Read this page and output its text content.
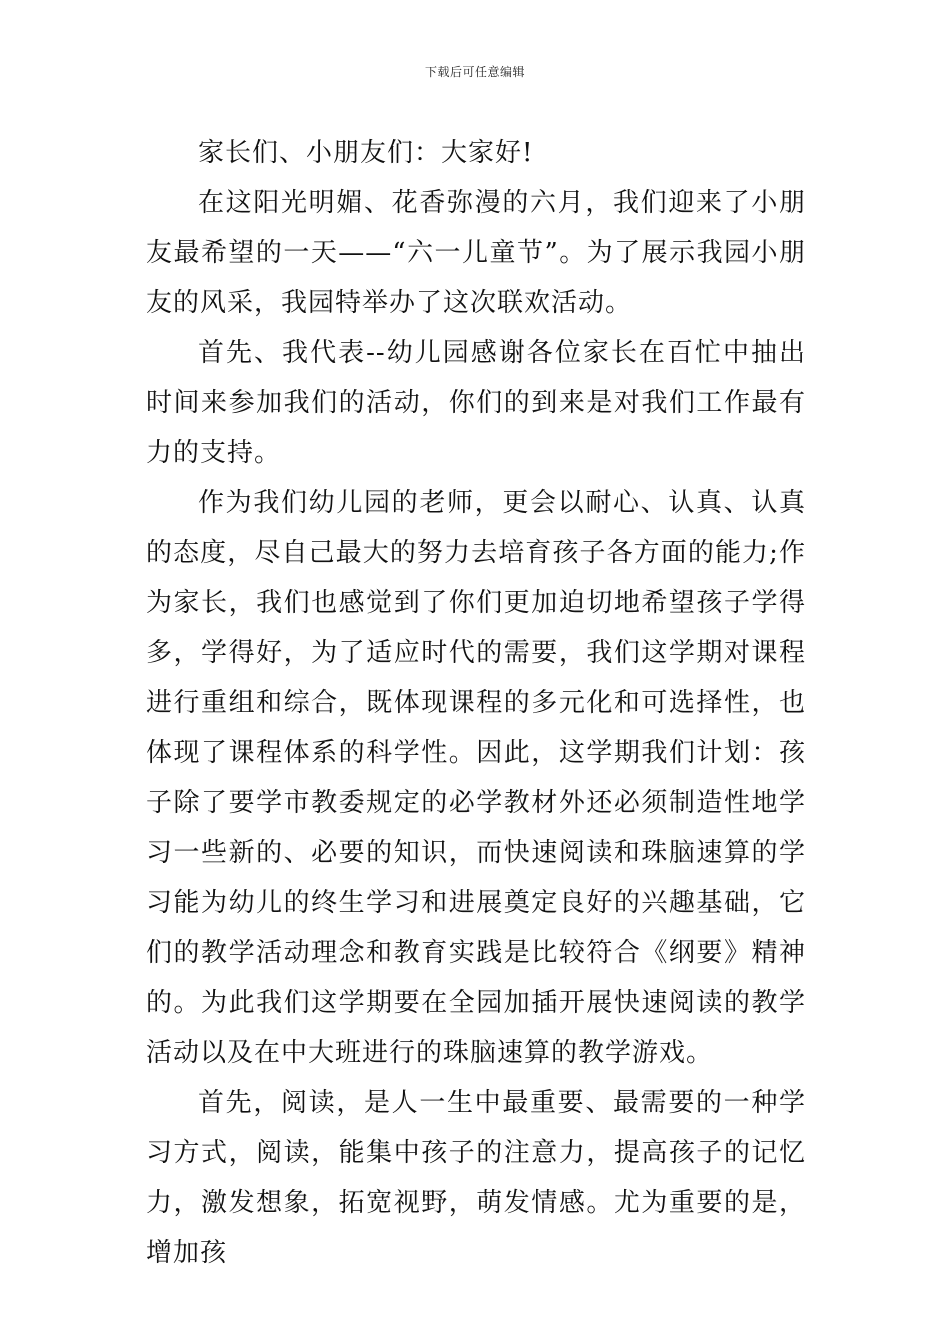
下载后可任意编辑

家长们、小朋友们：大家好!

在这阳光明媚、花香弥漫的六月，我们迎来了小朋友最希望的一天——“六一儿童节”。为了展示我园小朋友的风采，我园特举办了这次联欢活动。

首先、我代表--幼儿园感谢各位家长在百忙中抽出时间来参加我们的活动，你们的到来是对我们工作最有力的支持。

作为我们幼儿园的老师，更会以耐心、认真、认真的态度，尽自己最大的努力去培育孩子各方面的能力;作为家长，我们也感觉到了你们更加迫切地希望孩子学得多，学得好，为了适应时代的需要，我们这学期对课程进行重组和综合，既体现课程的多元化和可选择性，也体现了课程体系的科学性。因此，这学期我们计划：孩子除了要学市教委规定的必学教材外还必须制造性地学习一些新的、必要的知识，而快速阅读和珠脑速算的学习能为幼儿的终生学习和进展奠定良好的兴趣基础，它们的教学活动理念和教育实践是比较符合《纲要》精神的。为此我们这学期要在全园加插开展快速阅读的教学活动以及在中大班进行的珠脑速算的教学游戏。

首先，阅读，是人一生中最重要、最需要的一种学习方式，阅读，能集中孩子的注意力，提高孩子的记忆力，激发想象，拓宽视野，萌发情感。尤为重要的是，增加孩
